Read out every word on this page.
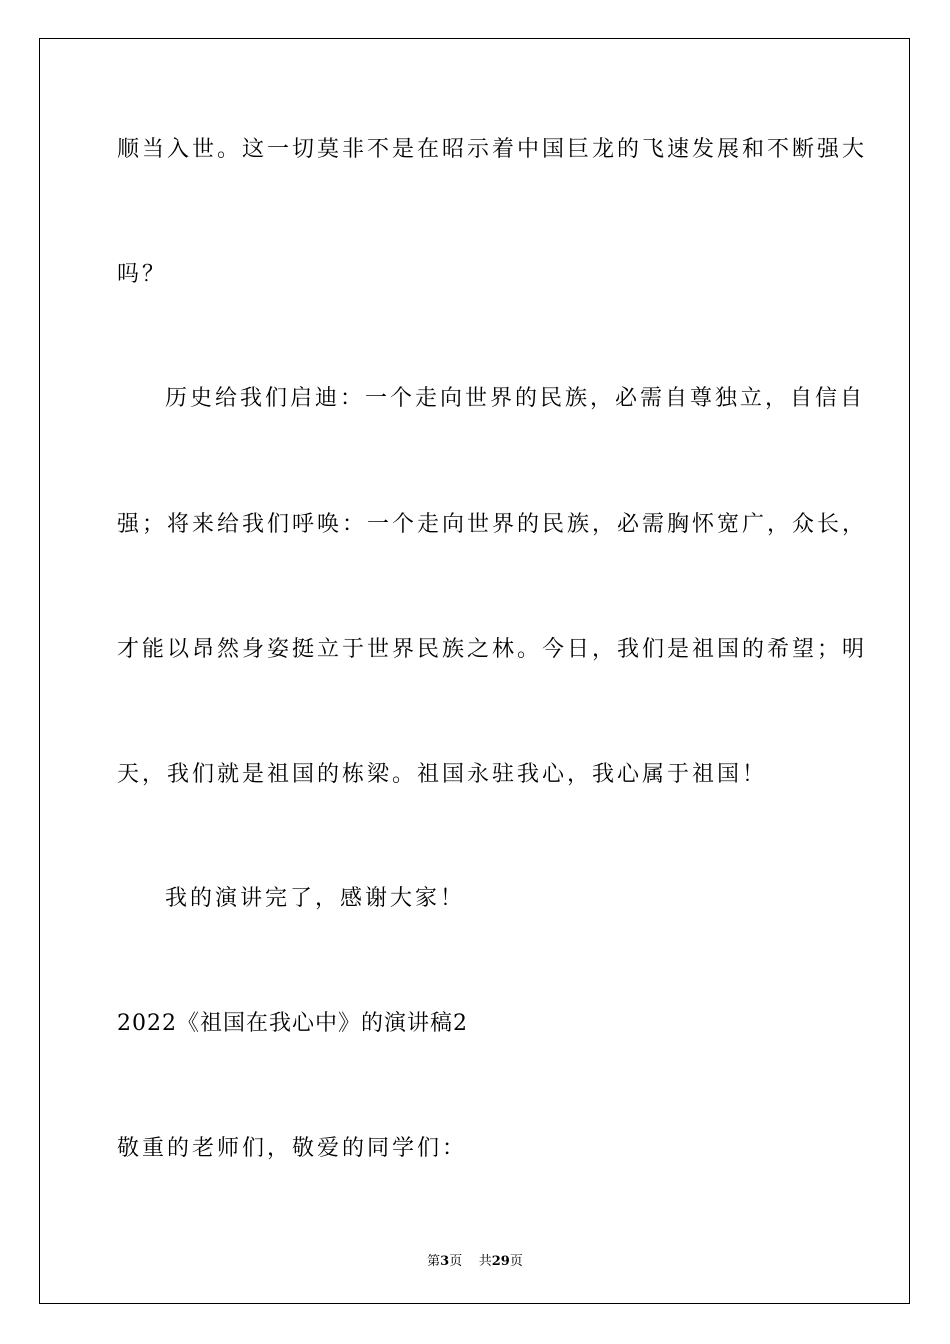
顺当入世。这一切莫非不是在昭示着中国巨龙的飞速发展和不断强大
吗？
历史给我们启迪：一个走向世界的民族，必需自尊独立，自信自
强；将来给我们呼唤：一个走向世界的民族，必需胸怀宽广，众长，
才能以昂然身姿挺立于世界民族之林。今日，我们是祖国的希望；明
天，我们就是祖国的栋梁。祖国永驻我心，我心属于祖国！
我的演讲完了，感谢大家！
2022《祖国在我心中》的演讲稿2
敬重的老师们，敬爱的同学们：
第3页 共29页
